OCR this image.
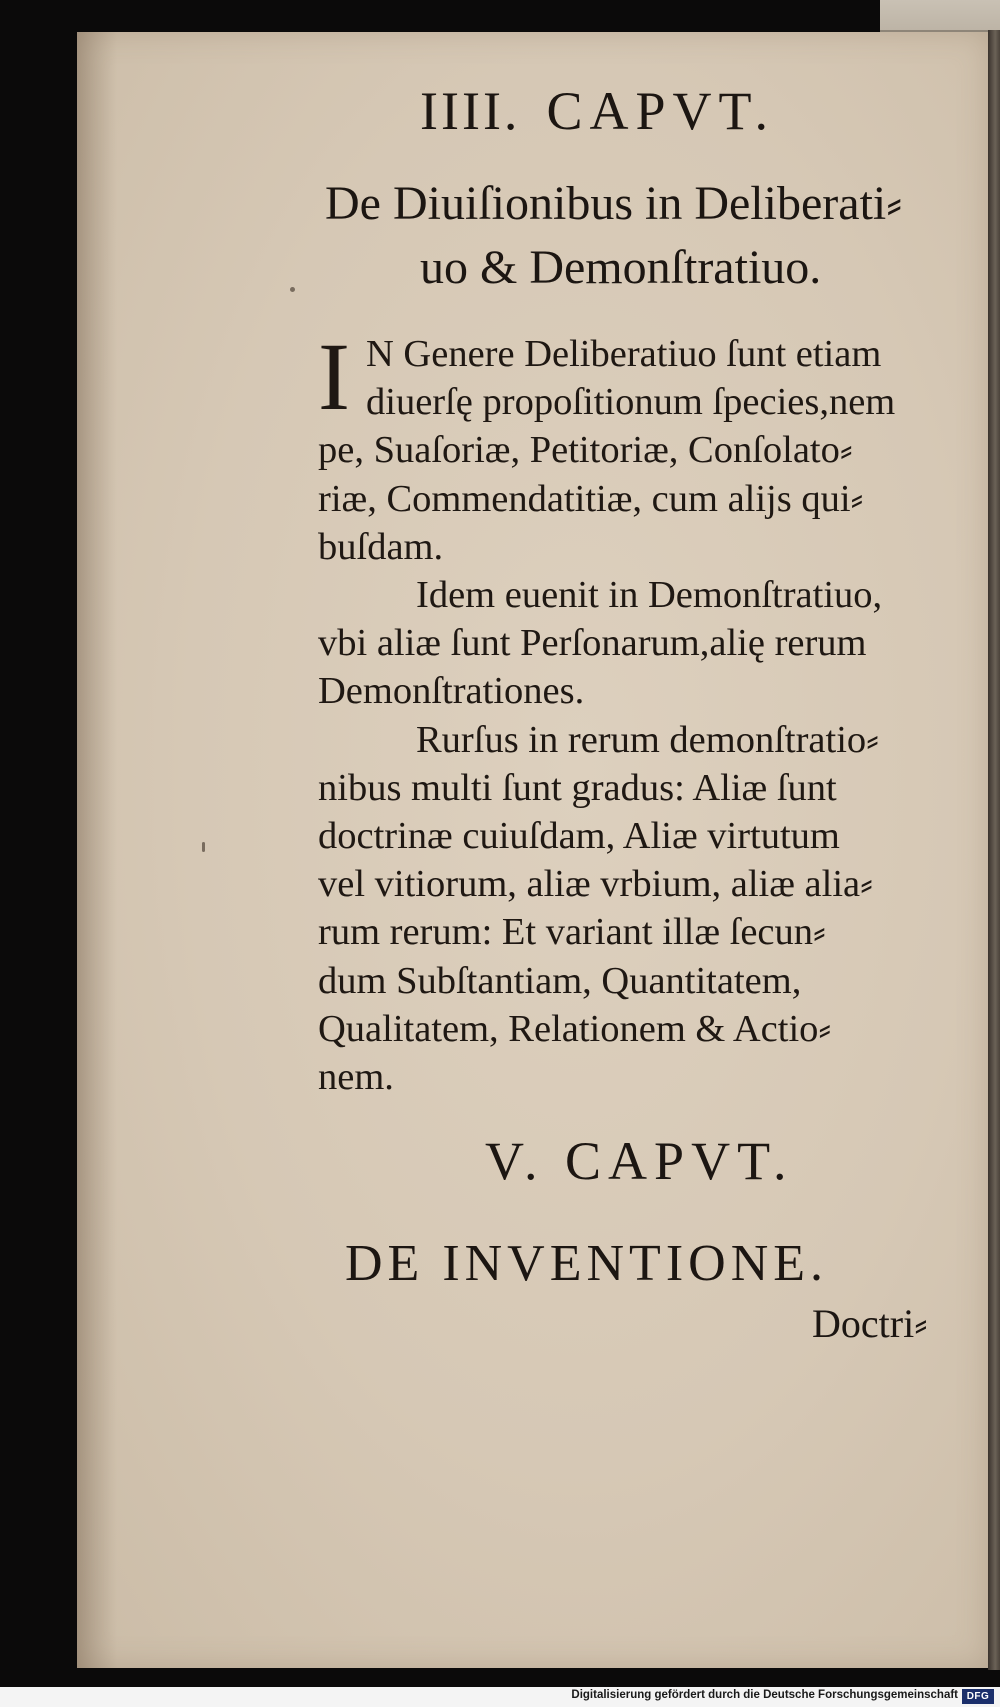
IIII. CAPVT.
De Diuiſionibus in Deliberati⸗
uo & Demonſtratiuo.
I N Genere Deliberatiuo ſunt etiam
diuerſę propoſitionum ſpecies,nem
pe, Suaſoriæ, Petitoriæ, Conſolato⸗
riæ, Commendatitiæ, cum alijs qui⸗
buſdam.
Idem euenit in Demonſtratiuo,
vbi aliæ ſunt Perſonarum,alię rerum
Demonſtrationes.
Rurſus in rerum demonſtratio⸗
nibus multi ſunt gradus: Aliæ ſunt
doctrinæ cuiuſdam, Aliæ virtutum
vel vitiorum, aliæ vrbium, aliæ alia⸗
rum rerum: Et variant illæ ſecun⸗
dum Subſtantiam, Quantitatem,
Qualitatem, Relationem & Actio⸗
nem.
V. CAPVT.
DE INVENTIONE.
Doctri⸗
Digitalisierung gefördert durch die Deutsche Forschungsgemeinschaft DFG
